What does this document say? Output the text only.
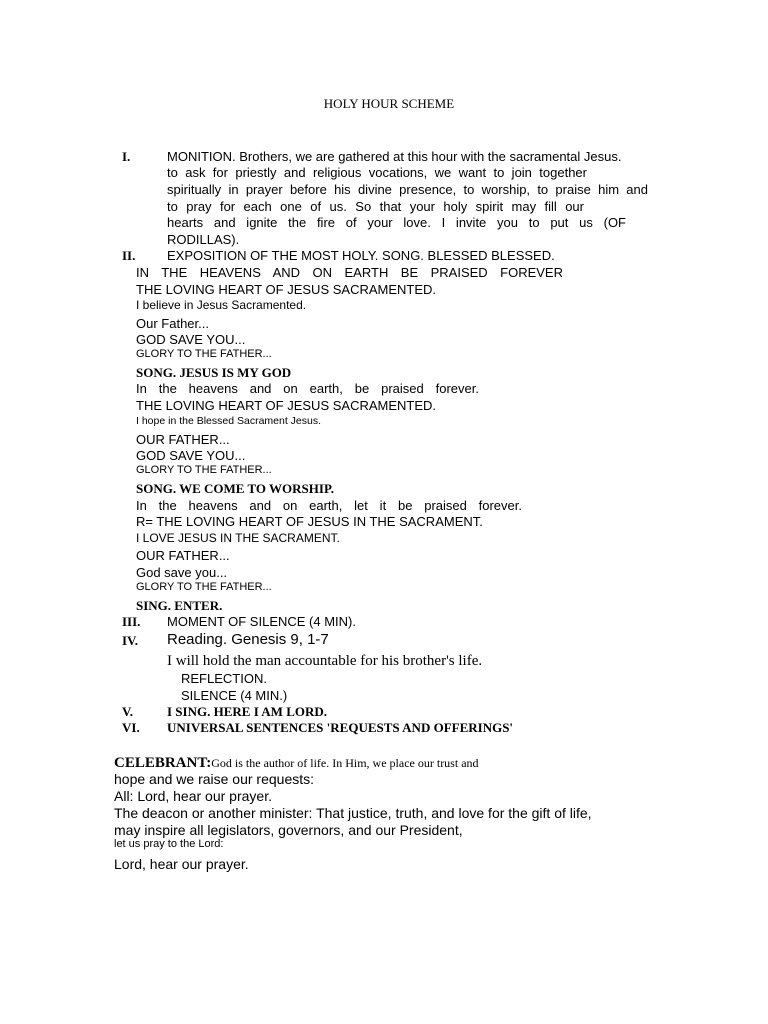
HOLY HOUR SCHEME
I.	MONITION. Brothers, we are gathered at this hour with the sacramental Jesus.
to ask for priestly and religious vocations, we want to join together
spiritually in prayer before his divine presence, to worship, to praise him and
to pray for each one of us. So that your holy spirit may fill our
hearts and ignite the fire of your love. I invite you to put us (OF
RODILLAS).
II. EXPOSITION OF THE MOST HOLY. SONG. BLESSED BLESSED.
IN THE HEAVENS AND ON EARTH BE PRAISED FOREVER
THE LOVING HEART OF JESUS SACRAMENTED.
I believe in Jesus Sacramented.
Our Father...
GOD SAVE YOU...
GLORY TO THE FATHER...
SONG. JESUS IS MY GOD
In the heavens and on earth, be praised forever.
THE LOVING HEART OF JESUS SACRAMENTED.
I hope in the Blessed Sacrament Jesus.
OUR FATHER...
GOD SAVE YOU...
GLORY TO THE FATHER...
SONG. WE COME TO WORSHIP.
In the heavens and on earth, let it be praised forever.
R= THE LOVING HEART OF JESUS IN THE SACRAMENT.
I LOVE JESUS IN THE SACRAMENT.
OUR FATHER...
God save you...
GLORY TO THE FATHER...
SING. ENTER.
III. MOMENT OF SILENCE (4 MIN).
IV. Reading. Genesis 9, 1-7
I will hold the man accountable for his brother's life.
REFLECTION.
SILENCE (4 MIN.)
V.	I SING. HERE I AM LORD.
VI. UNIVERSAL SENTENCES 'REQUESTS AND OFFERINGS'
CELEBRANT:God is the author of life. In Him, we place our trust and
hope and we raise our requests:
All: Lord, hear our prayer.
The deacon or another minister: That justice, truth, and love for the gift of life,
may inspire all legislators, governors, and our President,
let us pray to the Lord:
Lord, hear our prayer.
